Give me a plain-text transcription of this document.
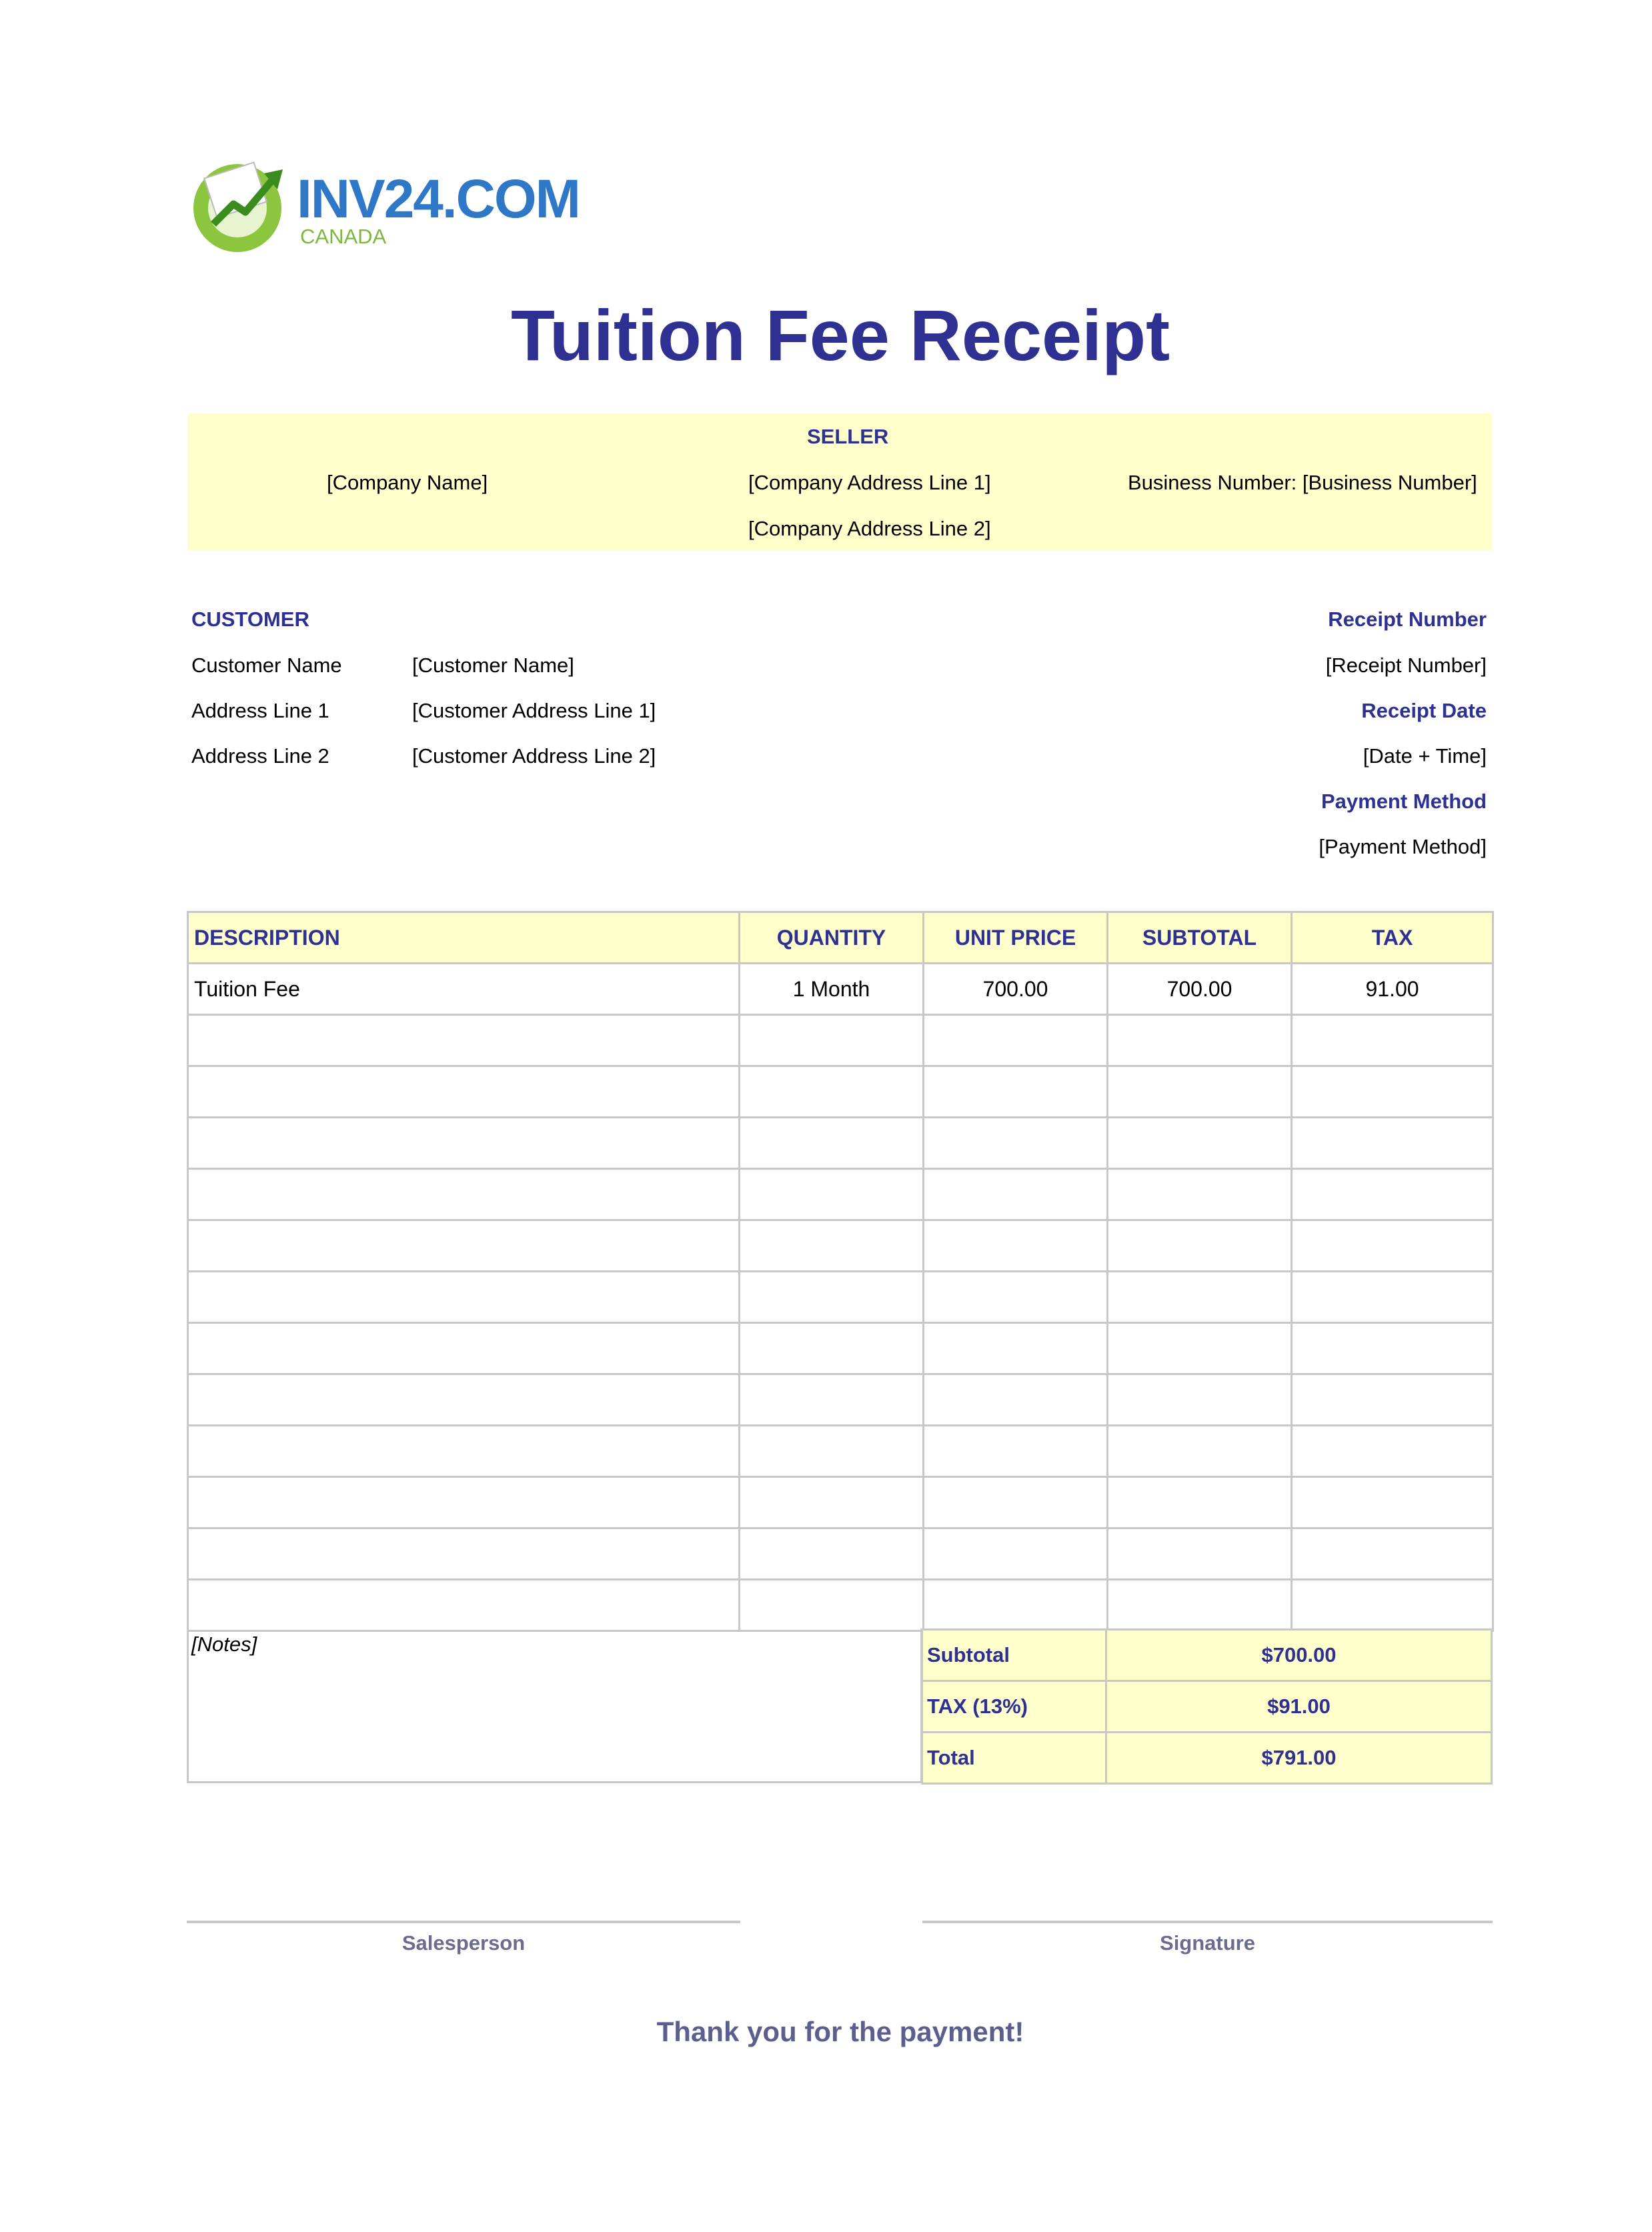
INV24.COM
CANADA
Tuition Fee Receipt
SELLER
[Company Name]	[Company Address Line 1]
[Company Address Line 2]
Business Number: [Business Number]
CUSTOMER
Customer Name	[Customer Name]
Address Line 1	[Customer Address Line 1]
Address Line 2	[Customer Address Line 2]
Receipt Number
[Receipt Number]
Receipt Date
[Date + Time]
Payment Method
[Payment Method]
DESCRIPTION	QUANTITY	UNIT PRICE	SUBTOTAL	TAX
Tuition Fee	1 Month	700.00	700.00	91.00

[Notes]	Subtotal	$700.00
TAX (13%)	$91.00
Total	$791.00
Salesperson	Signature
Thank you for the payment!
